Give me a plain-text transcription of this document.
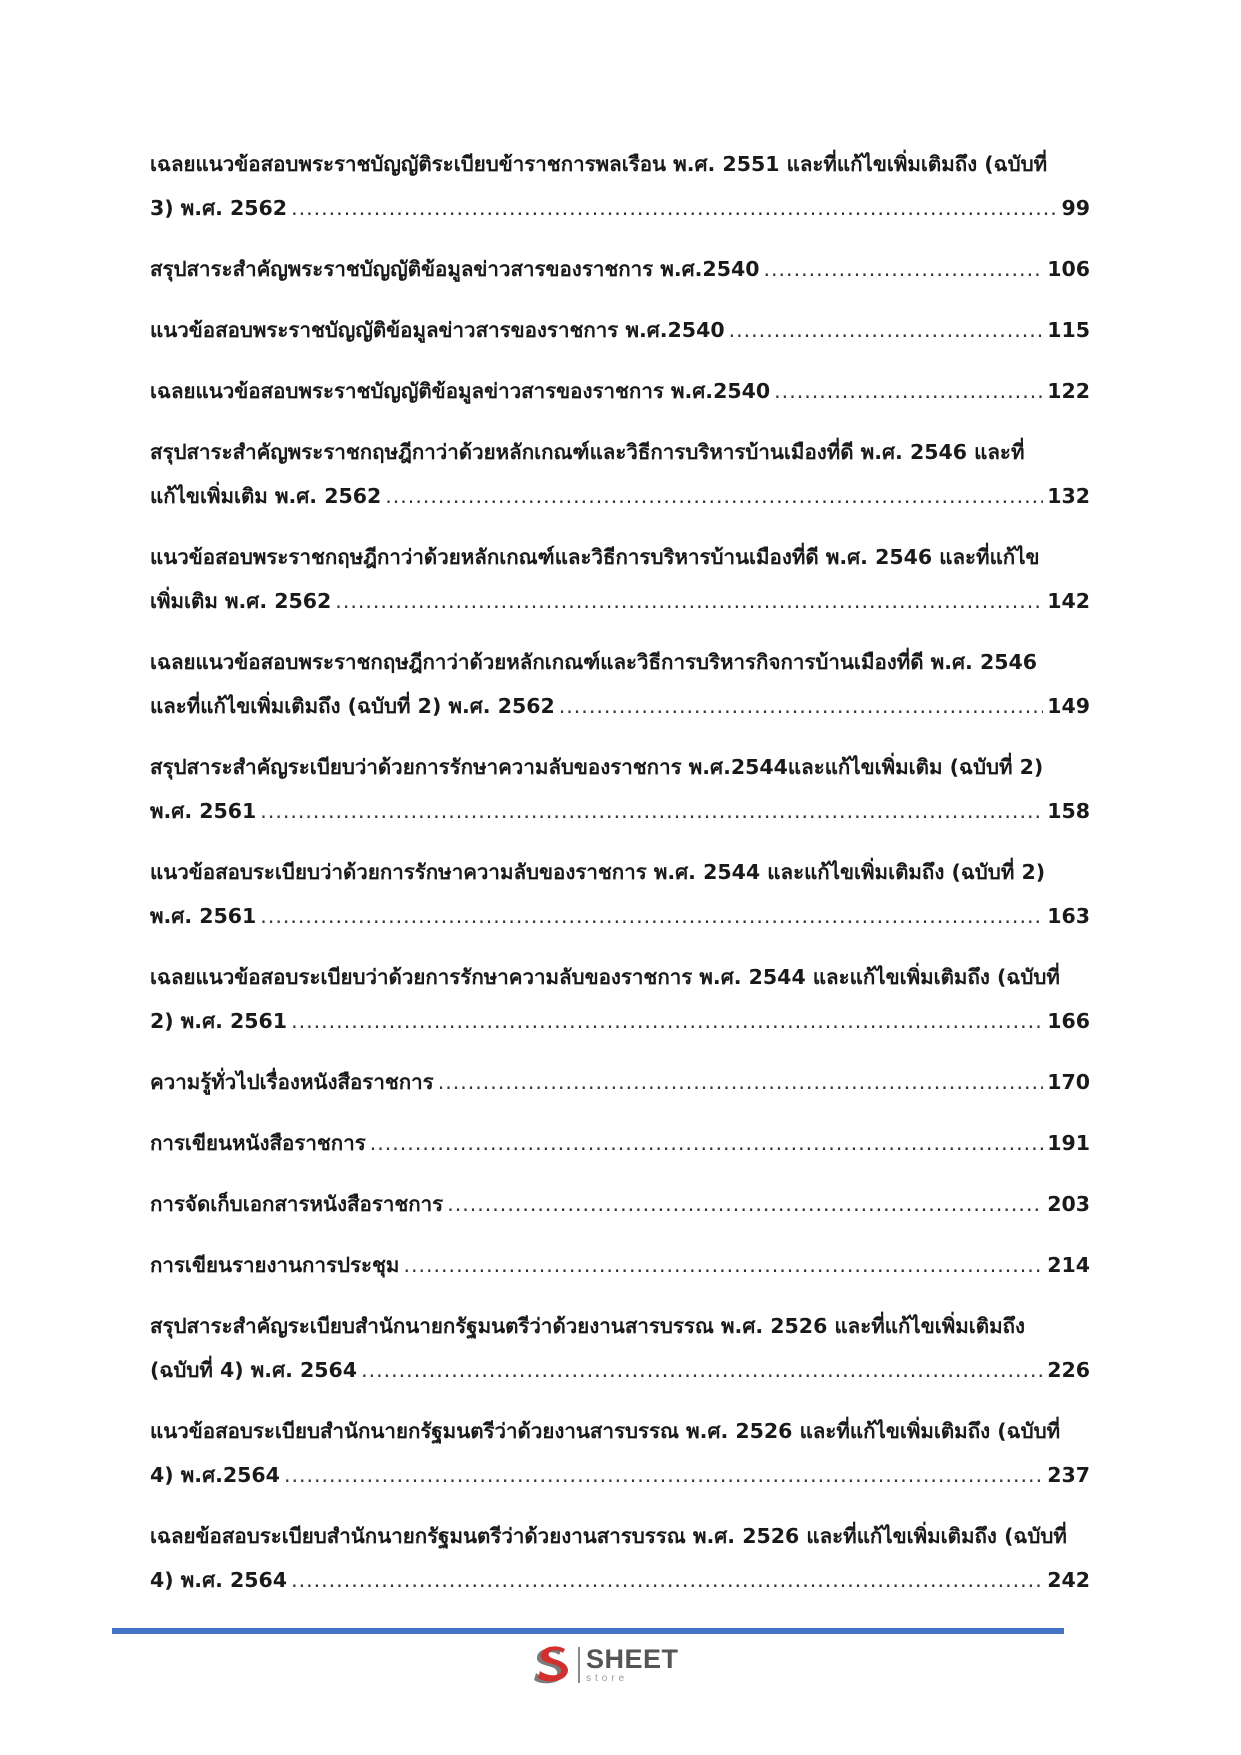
เฉลยแนวข้อสอบพระราชบัญญัติระเบียบข้าราชการพลเรือน พ.ศ. 2551 และที่แก้ไขเพิ่มเติมถึง (ฉบับที่
3) พ.ศ. 2562 .....	99
สรุปสาระสำคัญพระราชบัญญัติข้อมูลข่าวสารของราชการ พ.ศ.2540 .....	106
แนวข้อสอบพระราชบัญญัติข้อมูลข่าวสารของราชการ พ.ศ.2540 .....	115
เฉลยแนวข้อสอบพระราชบัญญัติข้อมูลข่าวสารของราชการ พ.ศ.2540 .....	122
สรุปสาระสำคัญพระราชกฤษฎีกาว่าด้วยหลักเกณฑ์และวิธีการบริหารบ้านเมืองที่ดี พ.ศ. 2546 และที่
แก้ไขเพิ่มเติม พ.ศ. 2562 .....	132
แนวข้อสอบพระราชกฤษฎีกาว่าด้วยหลักเกณฑ์และวิธีการบริหารบ้านเมืองที่ดี พ.ศ. 2546 และที่แก้ไข
เพิ่มเติม พ.ศ. 2562 .....	142
เฉลยแนวข้อสอบพระราชกฤษฎีกาว่าด้วยหลักเกณฑ์และวิธีการบริหารกิจการบ้านเมืองที่ดี พ.ศ. 2546
และที่แก้ไขเพิ่มเติมถึง (ฉบับที่ 2) พ.ศ. 2562 .....	149
สรุปสาระสำคัญระเบียบว่าด้วยการรักษาความลับของราชการ พ.ศ.2544และแก้ไขเพิ่มเติม (ฉบับที่ 2)
พ.ศ. 2561 .....	158
แนวข้อสอบระเบียบว่าด้วยการรักษาความลับของราชการ พ.ศ. 2544 และแก้ไขเพิ่มเติมถึง (ฉบับที่ 2)
พ.ศ. 2561 .....	163
เฉลยแนวข้อสอบระเบียบว่าด้วยการรักษาความลับของราชการ พ.ศ. 2544 และแก้ไขเพิ่มเติมถึง (ฉบับที่
2) พ.ศ. 2561 .....	166
ความรู้ทั่วไปเรื่องหนังสือราชการ .....	170
การเขียนหนังสือราชการ .....	191
การจัดเก็บเอกสารหนังสือราชการ .....	203
การเขียนรายงานการประชุม .....	214
สรุปสาระสำคัญระเบียบสำนักนายกรัฐมนตรีว่าด้วยงานสารบรรณ พ.ศ. 2526 และที่แก้ไขเพิ่มเติมถึง
(ฉบับที่ 4) พ.ศ. 2564 .....	226
แนวข้อสอบระเบียบสำนักนายกรัฐมนตรีว่าด้วยงานสารบรรณ พ.ศ. 2526 และที่แก้ไขเพิ่มเติมถึง (ฉบับที่
4) พ.ศ.2564 .....	237
เฉลยข้อสอบระเบียบสำนักนายกรัฐมนตรีว่าด้วยงานสารบรรณ พ.ศ. 2526 และที่แก้ไขเพิ่มเติมถึง (ฉบับที่
4) พ.ศ. 2564 .....	242
SHEET
store
